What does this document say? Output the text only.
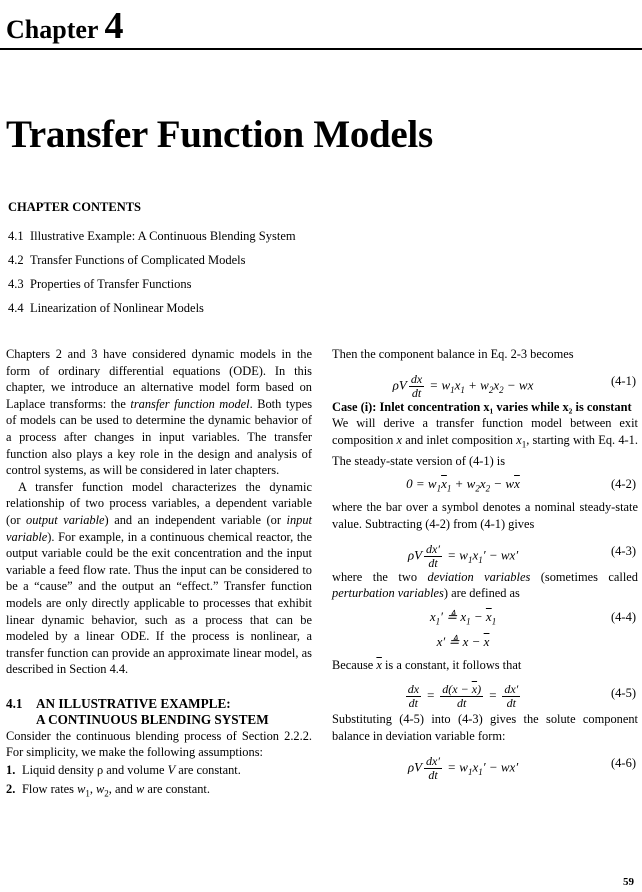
Chapter 4
Transfer Function Models
CHAPTER CONTENTS
4.1 Illustrative Example: A Continuous Blending System
4.2 Transfer Functions of Complicated Models
4.3 Properties of Transfer Functions
4.4 Linearization of Nonlinear Models

Chapters 2 and 3 have considered dynamic models in the form of ordinary differential equations (ODE). In this chapter, we introduce an alternative model form based on Laplace transforms: the transfer function model. Both types of models can be used to determine the dynamic behavior of a process after changes in input variables. The transfer function also plays a key role in the design and analysis of control systems, as will be considered in later chapters.

A transfer function model characterizes the dynamic relationship of two process variables, a dependent variable (or output variable) and an independent variable (or input variable). For example, in a continuous chemical reactor, the output variable could be the exit concentration and the input variable a feed flow rate. Thus the input can be considered to be a “cause” and the output an “effect.” Transfer function models are only directly applicable to processes that exhibit linear dynamic behavior, such as a process that can be modeled by a linear ODE. If the process is nonlinear, a transfer function can provide an approximate linear model, as described in Section 4.4.

4.1 AN ILLUSTRATIVE EXAMPLE:
A CONTINUOUS BLENDING SYSTEM

Consider the continuous blending process of Section 2.2.2. For simplicity, we make the following assumptions:

1. Liquid density ρ and volume V are constant.
2. Flow rates $w_1$, $w_2$, and w are constant.

Then the component balance in Eq. 2-3 becomes

ρV $\frac{dx}{dt} = w_1x_1 + w_2x_2$ − wx	(4-1)

Case (i): Inlet concentration x₁ varies while x₂ is constant

We will derive a transfer function model between exit composition x and inlet composition $x_1$, starting with Eq. 4-1. The steady-state version of (4-1) is

$0 = w_1\overline{x}_1 + w_2x_2 - w\overline{x}$	(4-2)

where the bar over a symbol denotes a nominal steady-state value. Subtracting (4-2) from (4-1) gives

ρV $\frac{dx'}{dt} = w_1x_1' - wx'$	(4-3)

where the two deviation variables (sometimes called perturbation variables) are defined as

$x_1'$ ≜ $x_1 - \overline{x}_1$	(4-4)
x′ ≜ $x - \overline{x}$

Because $\overline{x}$ is a constant, it follows that

$\frac{dx}{dt} = \frac{d(x - \overline{x})}{dt} = \frac{dx'}{dt}$	(4-5)

Substituting (4-5) into (4-3) gives the solute component balance in deviation variable form:

ρV $\frac{dx'}{dt} = w_1x_1' - wx'$	(4-6)
59
